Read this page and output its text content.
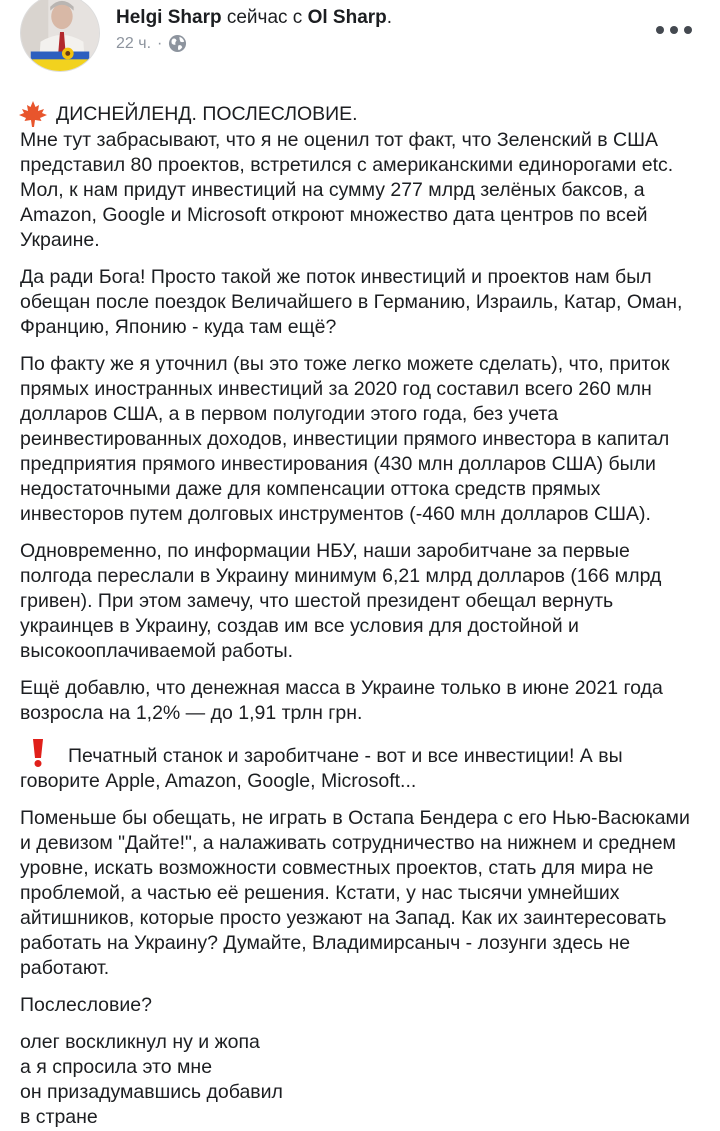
Helgi Sharp сейчас с Ol Sharp.
22 ч. ·

ДИСНЕЙЛЕНД. ПОСЛЕСЛОВИЕ.
Мне тут забрасывают, что я не оценил тот факт, что Зеленский в США
представил 80 проектов, встретился с американскими единорогами etc.
Мол, к нам придут инвестиций на сумму 277 млрд зелёных баксов, а
Amazon, Google и Microsoft откроют множество дата центров по всей
Украине.

Да ради Бога! Просто такой же поток инвестиций и проектов нам был
обещан после поездок Величайшего в Германию, Израиль, Катар, Оман,
Францию, Японию - куда там ещё?

По факту же я уточнил (вы это тоже легко можете сделать), что, приток
прямых иностранных инвестиций за 2020 год составил всего 260 млн
долларов США, а в первом полугодии этого года, без учета
реинвестированных доходов, инвестиции прямого инвестора в капитал
предприятия прямого инвестирования (430 млн долларов США) были
недостаточными даже для компенсации оттока средств прямых
инвесторов путем долговых инструментов (-460 млн долларов США).

Одновременно, по информации НБУ, наши заробитчане за первые
полгода переслали в Украину минимум 6,21 млрд долларов (166 млрд
гривен). При этом замечу, что шестой президент обещал вернуть
украинцев в Украину, создав им все условия для достойной и
высокооплачиваемой работы.

Ещё добавлю, что денежная масса в Украине только в июне 2021 года
возросла на 1,2% — до 1,91 трлн грн.

Печатный станок и заробитчане - вот и все инвестиции! А вы
говорите Apple, Amazon, Google, Microsoft...

Поменьше бы обещать, не играть в Остапа Бендера с его Нью-Васюками
и девизом "Дайте!", а налаживать сотрудничество на нижнем и среднем
уровне, искать возможности совместных проектов, стать для мира не
проблемой, а частью её решения. Кстати, у нас тысячи умнейших
айтишников, которые просто уезжают на Запад. Как их заинтересовать
работать на Украину? Думайте, Владимирсаныч - лозунги здесь не
работают.

Послесловие?

олег воскликнул ну и жопа
а я спросила это мне
он призадумавшись добавил
в стране
